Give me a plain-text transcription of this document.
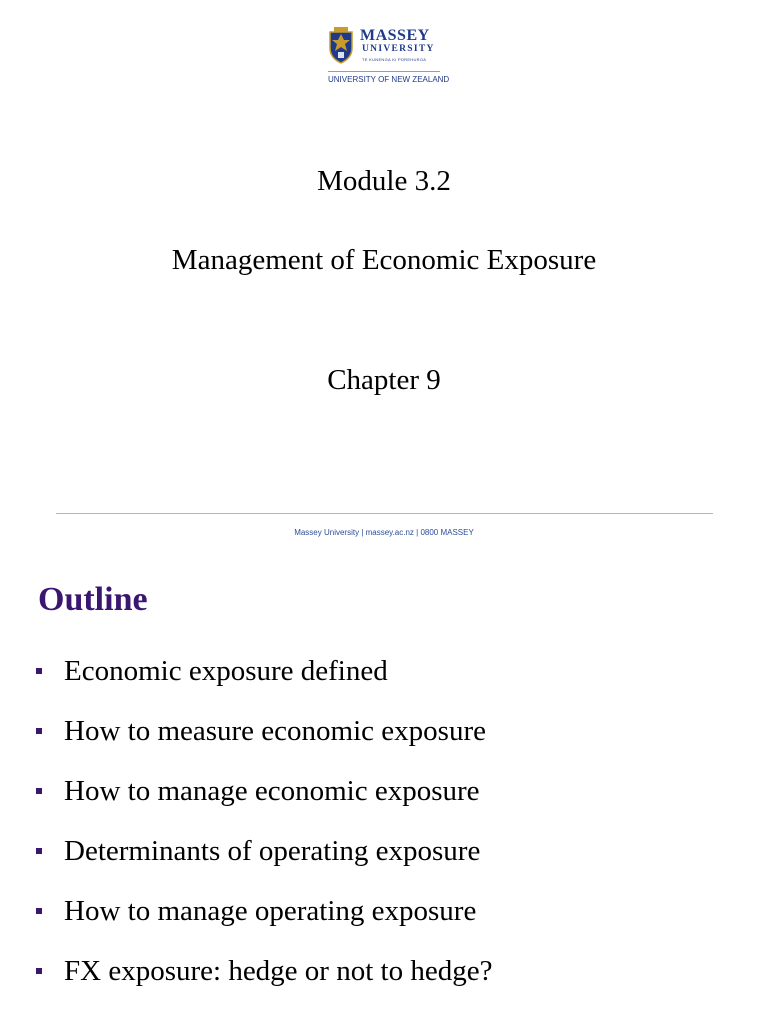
MASSEY
UNIVERSITY
TE KUNENGA KI PŪREHUROA
UNIVERSITY OF NEW ZEALAND
Module 3.2
Management of Economic Exposure
Chapter 9
Massey University | massey.ac.nz | 0800 MASSEY
Outline
Economic exposure defined
How to measure economic exposure
How to manage economic exposure
Determinants of operating exposure
How to manage operating exposure
FX exposure: hedge or not to hedge?
